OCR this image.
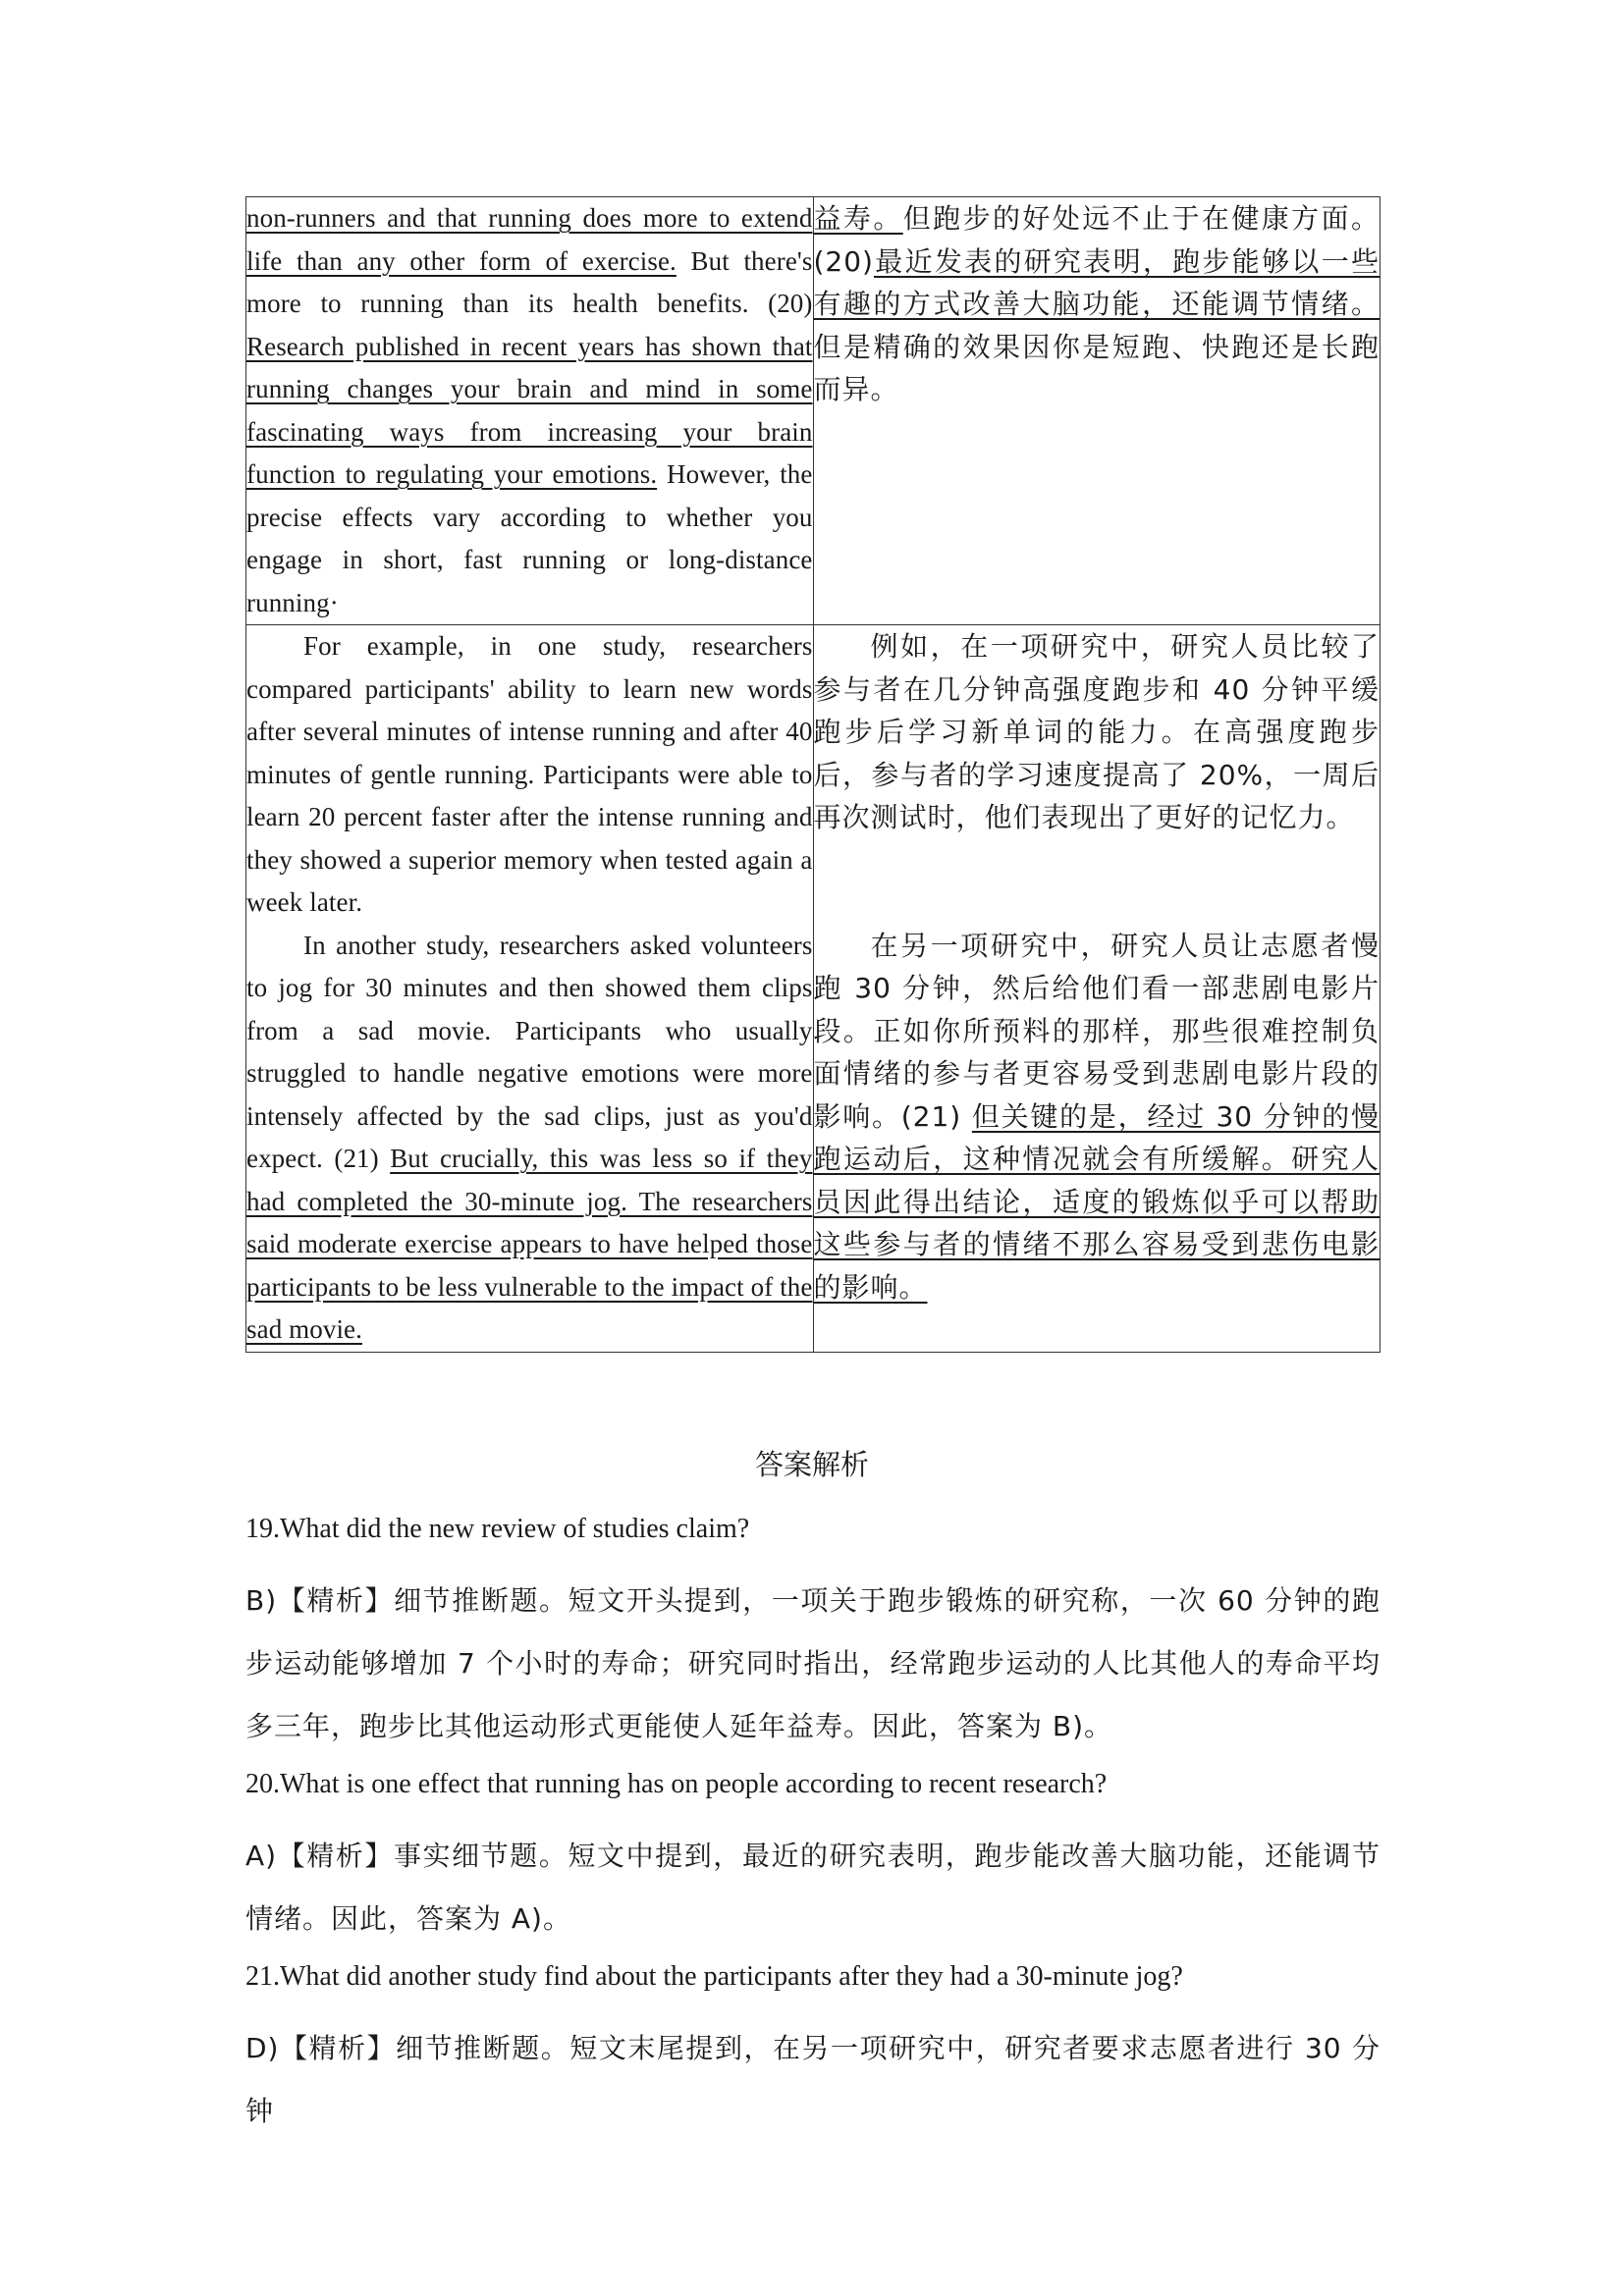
non-runners and that running does more to extend life than any other form of exercise. But there's more to running than its health benefits. (20) Research published in recent years has shown that running changes your brain and mind in some fascinating ways from increasing your brain function to regulating your emotions. However, the precise effects vary according to whether you engage in short, fast running or long-distance running·	益寿。但跑步的好处远不止于在健康方面。(20)最近发表的研究表明，跑步能够以一些有趣的方式改善大脑功能，还能调节情绪。但是精确的效果因你是短跑、快跑还是长跑而异。

For example, in one study, researchers compared participants' ability to learn new words after several minutes of intense running and after 40 minutes of gentle running. Participants were able to learn 20 percent faster after the intense running and they showed a superior memory when tested again a week later.	例如，在一项研究中，研究人员比较了参与者在几分钟高强度跑步和 40 分钟平缓跑步后学习新单词的能力。在高强度跑步后，参与者的学习速度提高了 20%，一周后再次测试时，他们表现出了更好的记忆力。

In another study, researchers asked volunteers to jog for 30 minutes and then showed them clips from a sad movie. Participants who usually struggled to handle negative emotions were more intensely affected by the sad clips, just as you'd expect. (21) But crucially, this was less so if they had completed the 30-minute jog. The researchers said moderate exercise appears to have helped those participants to be less vulnerable to the impact of the sad movie.	在另一项研究中，研究人员让志愿者慢跑 30 分钟，然后给他们看一部悲剧电影片段。正如你所预料的那样，那些很难控制负面情绪的参与者更容易受到悲剧电影片段的影响。(21) 但关键的是，经过 30 分钟的慢跑运动后，这种情况就会有所缓解。研究人员因此得出结论，适度的锻炼似乎可以帮助这些参与者的情绪不那么容易受到悲伤电影的影响。

答案解析

19.What did the new review of studies claim?

B)【精析】细节推断题。短文开头提到，一项关于跑步锻炼的研究称，一次 60 分钟的跑步运动能够增加 7 个小时的寿命；研究同时指出，经常跑步运动的人比其他人的寿命平均多三年，跑步比其他运动形式更能使人延年益寿。因此，答案为 B)。

20.What is one effect that running has on people according to recent research?

A)【精析】事实细节题。短文中提到，最近的研究表明，跑步能改善大脑功能，还能调节情绪。因此，答案为 A)。

21.What did another study find about the participants after they had a 30-minute jog?

D)【精析】细节推断题。短文末尾提到，在另一项研究中，研究者要求志愿者进行 30 分钟
